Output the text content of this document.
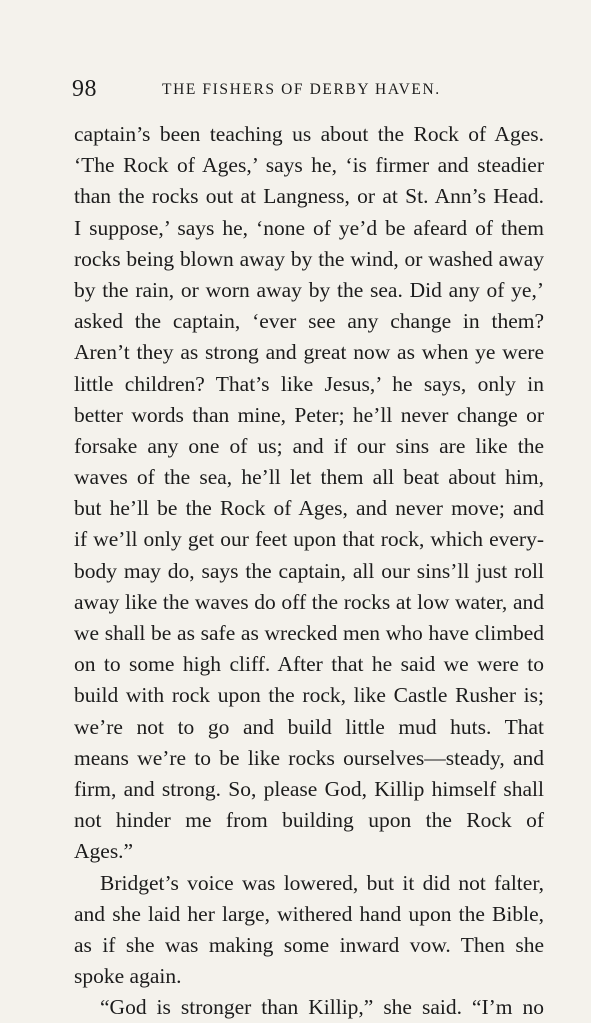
98	THE FISHERS OF DERBY HAVEN.
captain’s been teaching us about the Rock of Ages.
‘The Rock of Ages,’ says he, ‘is firmer and steadier
than the rocks out at Langness, or at St. Ann’s Head.
I suppose,’ says he, ‘none of ye’d be afeard of them
rocks being blown away by the wind, or washed away
by the rain, or worn away by the sea. Did any of ye,’
asked the captain, ‘ever see any change in them?
Aren’t they as strong and great now as when ye were
little children? That’s like Jesus,’ he says, only in
better words than mine, Peter; he’ll never change or
forsake any one of us; and if our sins are like the
waves of the sea, he’ll let them all beat about him,
but he’ll be the Rock of Ages, and never move; and
if we’ll only get our feet upon that rock, which every-
body may do, says the captain, all our sins’ll just roll
away like the waves do off the rocks at low water, and
we shall be as safe as wrecked men who have climbed
on to some high cliff. After that he said we were to
build with rock upon the rock, like Castle Rusher is;
we’re not to go and build little mud huts. That
means we’re to be like rocks ourselves—steady, and
firm, and strong. So, please God, Killip himself shall
not hinder me from building upon the Rock of
Ages.”
Bridget’s voice was lowered, but it did not falter,
and she laid her large, withered hand upon the Bible,
as if she was making some inward vow. Then she
spoke again.
“God is stronger than Killip,” she said. “I’m no
